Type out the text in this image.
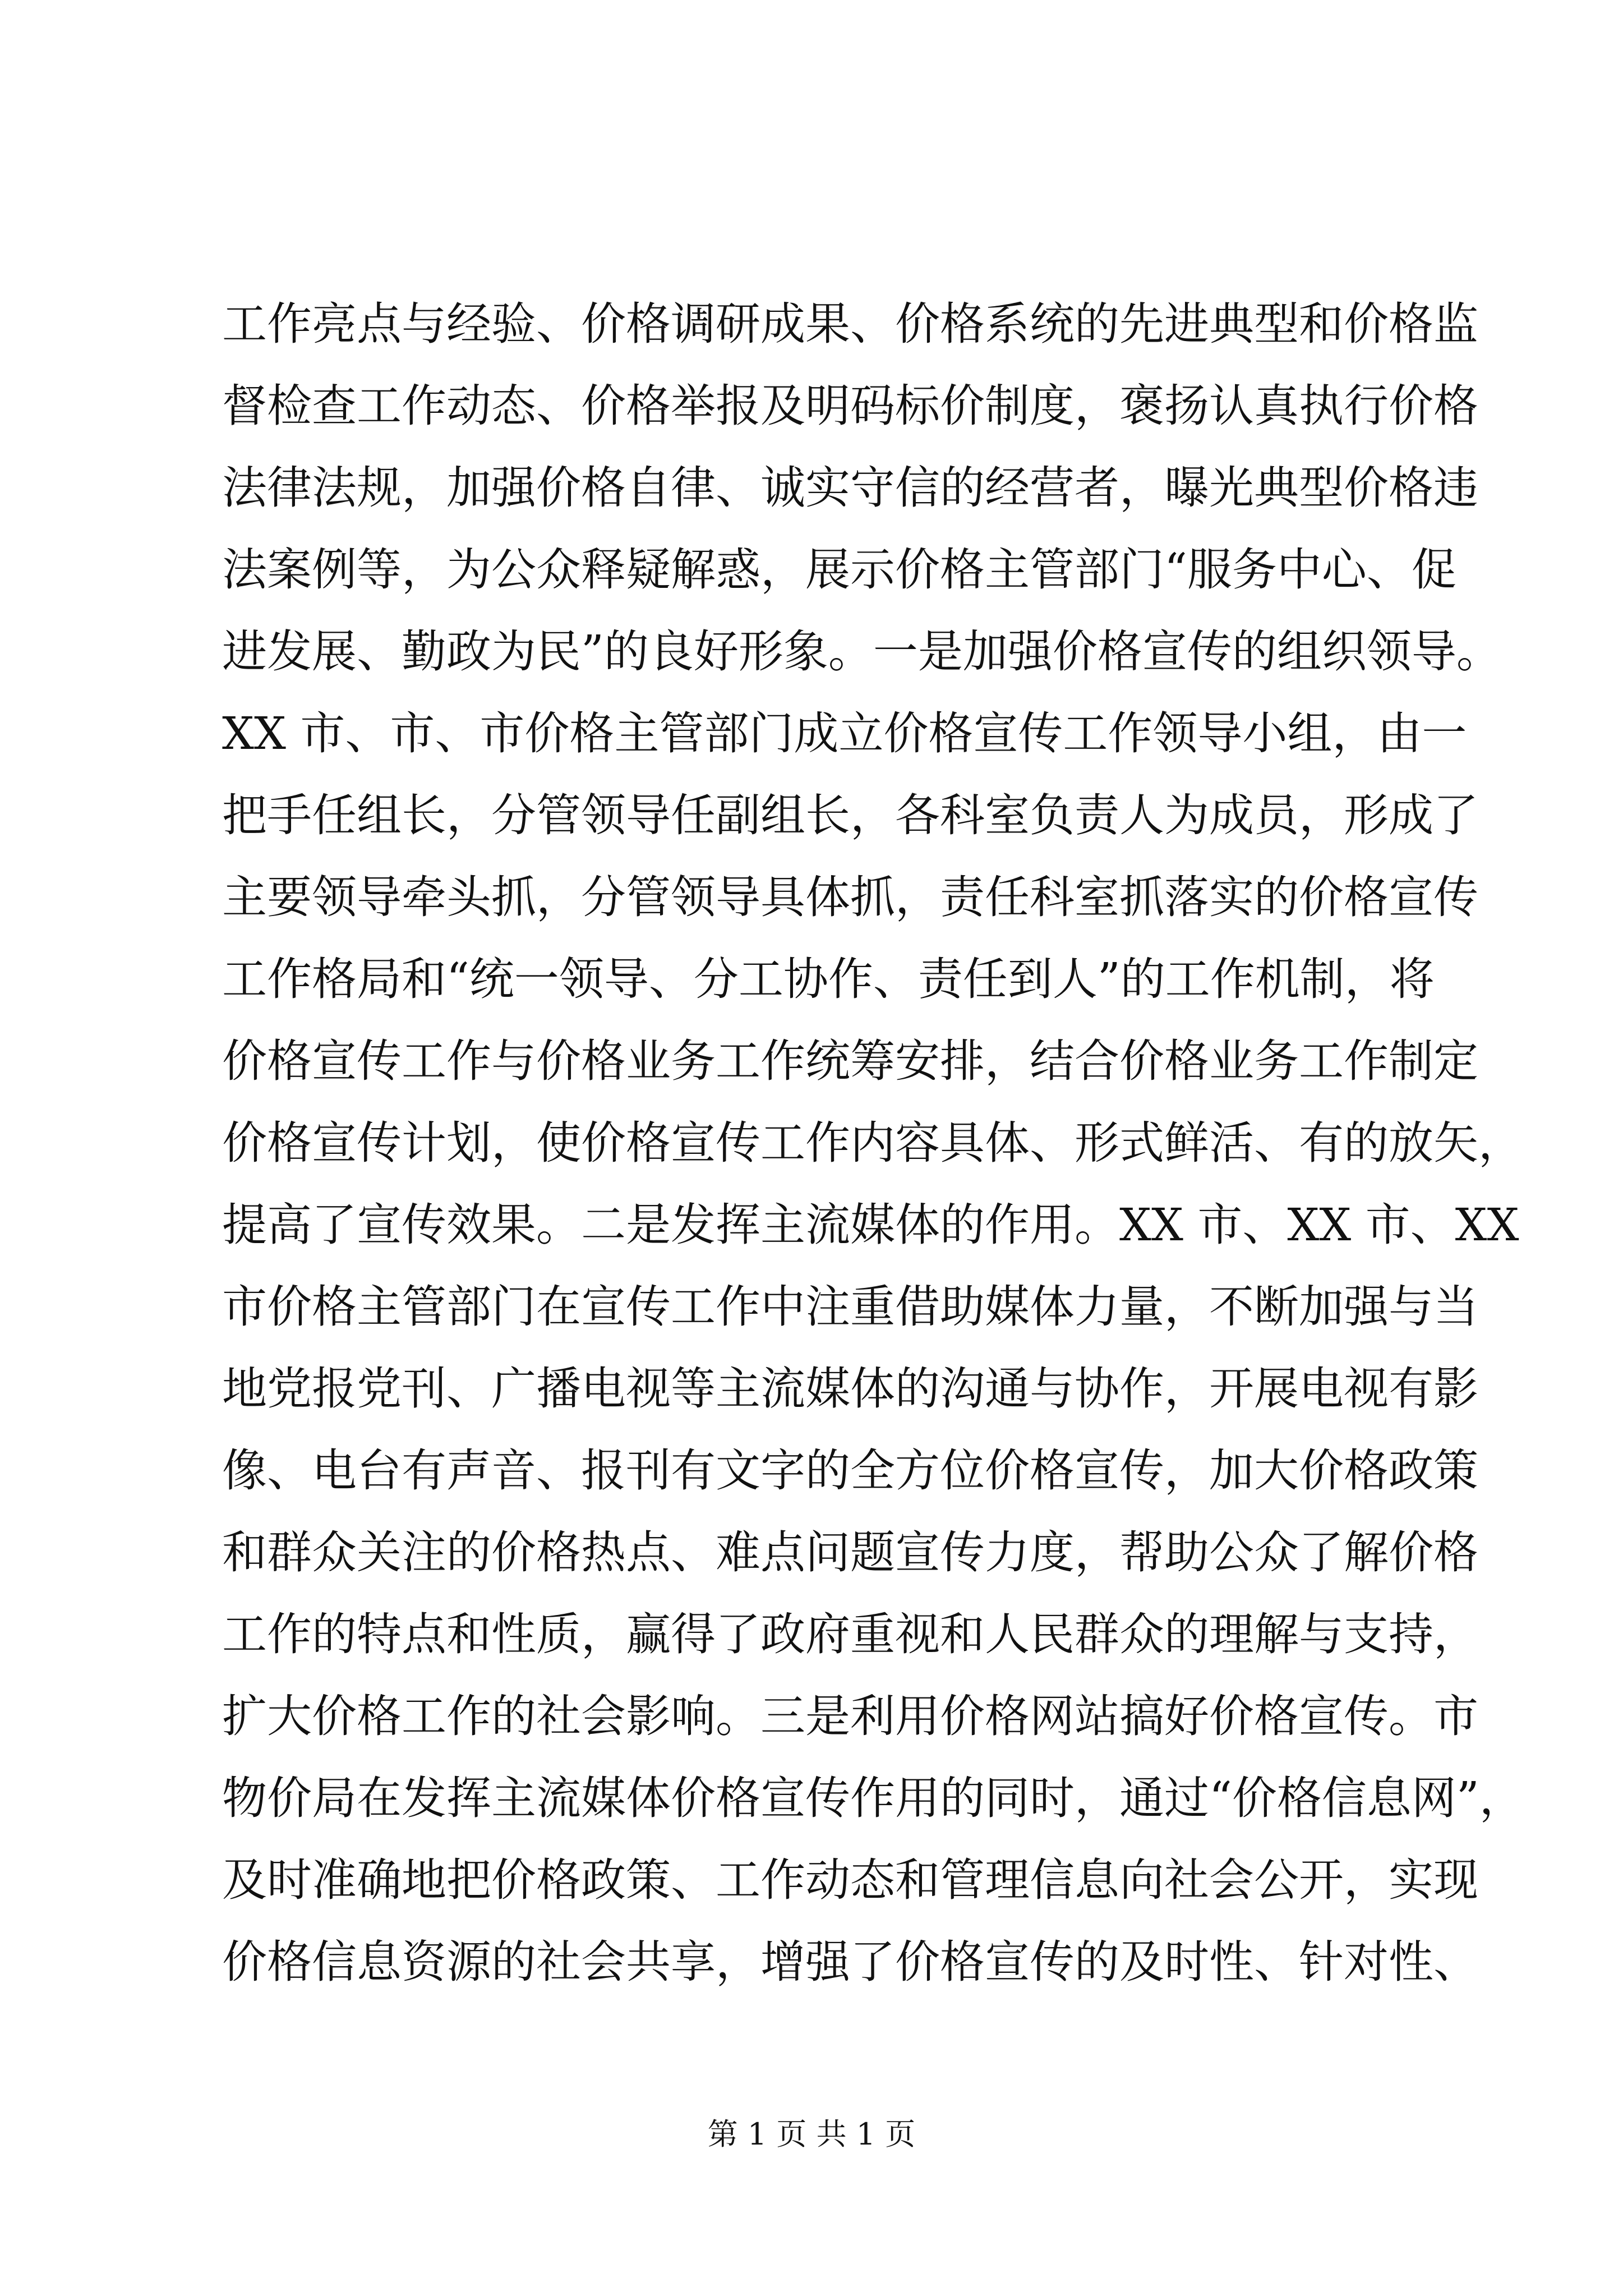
工作亮点与经验、价格调研成果、价格系统的先进典型和价格监
督检查工作动态、价格举报及明码标价制度，褒扬认真执行价格
法律法规，加强价格自律、诚实守信的经营者，曝光典型价格违
法案例等，为公众释疑解惑，展示价格主管部门“服务中心、促
进发展、勤政为民”的良好形象。一是加强价格宣传的组织领导。
XX 市、市、市价格主管部门成立价格宣传工作领导小组，由一
把手任组长，分管领导任副组长，各科室负责人为成员，形成了
主要领导牵头抓，分管领导具体抓，责任科室抓落实的价格宣传
工作格局和“统一领导、分工协作、责任到人”的工作机制，将
价格宣传工作与价格业务工作统筹安排，结合价格业务工作制定
价格宣传计划，使价格宣传工作内容具体、形式鲜活、有的放矢，
提高了宣传效果。二是发挥主流媒体的作用。XX 市、XX 市、XX
市价格主管部门在宣传工作中注重借助媒体力量，不断加强与当
地党报党刊、广播电视等主流媒体的沟通与协作，开展电视有影
像、电台有声音、报刊有文字的全方位价格宣传，加大价格政策
和群众关注的价格热点、难点问题宣传力度，帮助公众了解价格
工作的特点和性质，赢得了政府重视和人民群众的理解与支持，
扩大价格工作的社会影响。三是利用价格网站搞好价格宣传。市
物价局在发挥主流媒体价格宣传作用的同时，通过“价格信息网”，
及时准确地把价格政策、工作动态和管理信息向社会公开，实现
价格信息资源的社会共享，增强了价格宣传的及时性、针对性、
第 1 页 共 1 页
